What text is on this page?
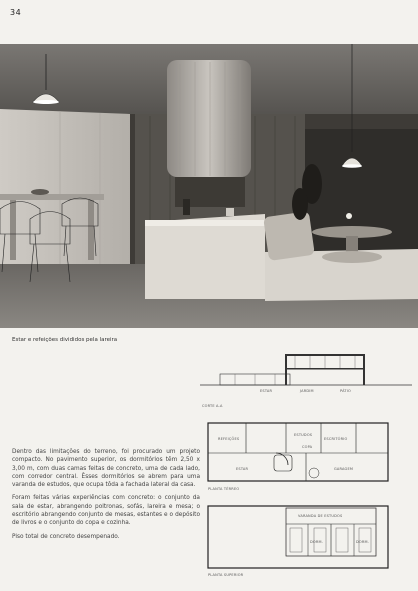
34
Estar e refeições divididos pela lareira
ESTAR	JARDIM	PÁTIO
CORTE A-A
REFEIÇÕES
ESTUDOS
ESCRITÓRIO
COPA
ESTAR	GARAGEM
PLANTA TÉRREO
VARANDA DE ESTUDOS
DORM.	DORM.
PLANTA SUPERIOR

Dentro das limitações do terreno, foi procurado um projeto compacto. No pavimento superior, os dormitórios têm 2,50 x 3,00 m, com duas camas feitas de concreto, uma de cada lado, com corredor central. Êsses dormitórios se abrem para uma varanda de estudos, que ocupa tôda a fachada lateral da casa.

Foram feitas várias experiências com concreto: o conjunto da sala de estar, abrangendo poltronas, sofás, lareira e mesa; o escritório abrangendo conjunto de mesas, estantes e o depósito de livros e o conjunto do copa e cozinha.

Piso total de concreto desempenado.
